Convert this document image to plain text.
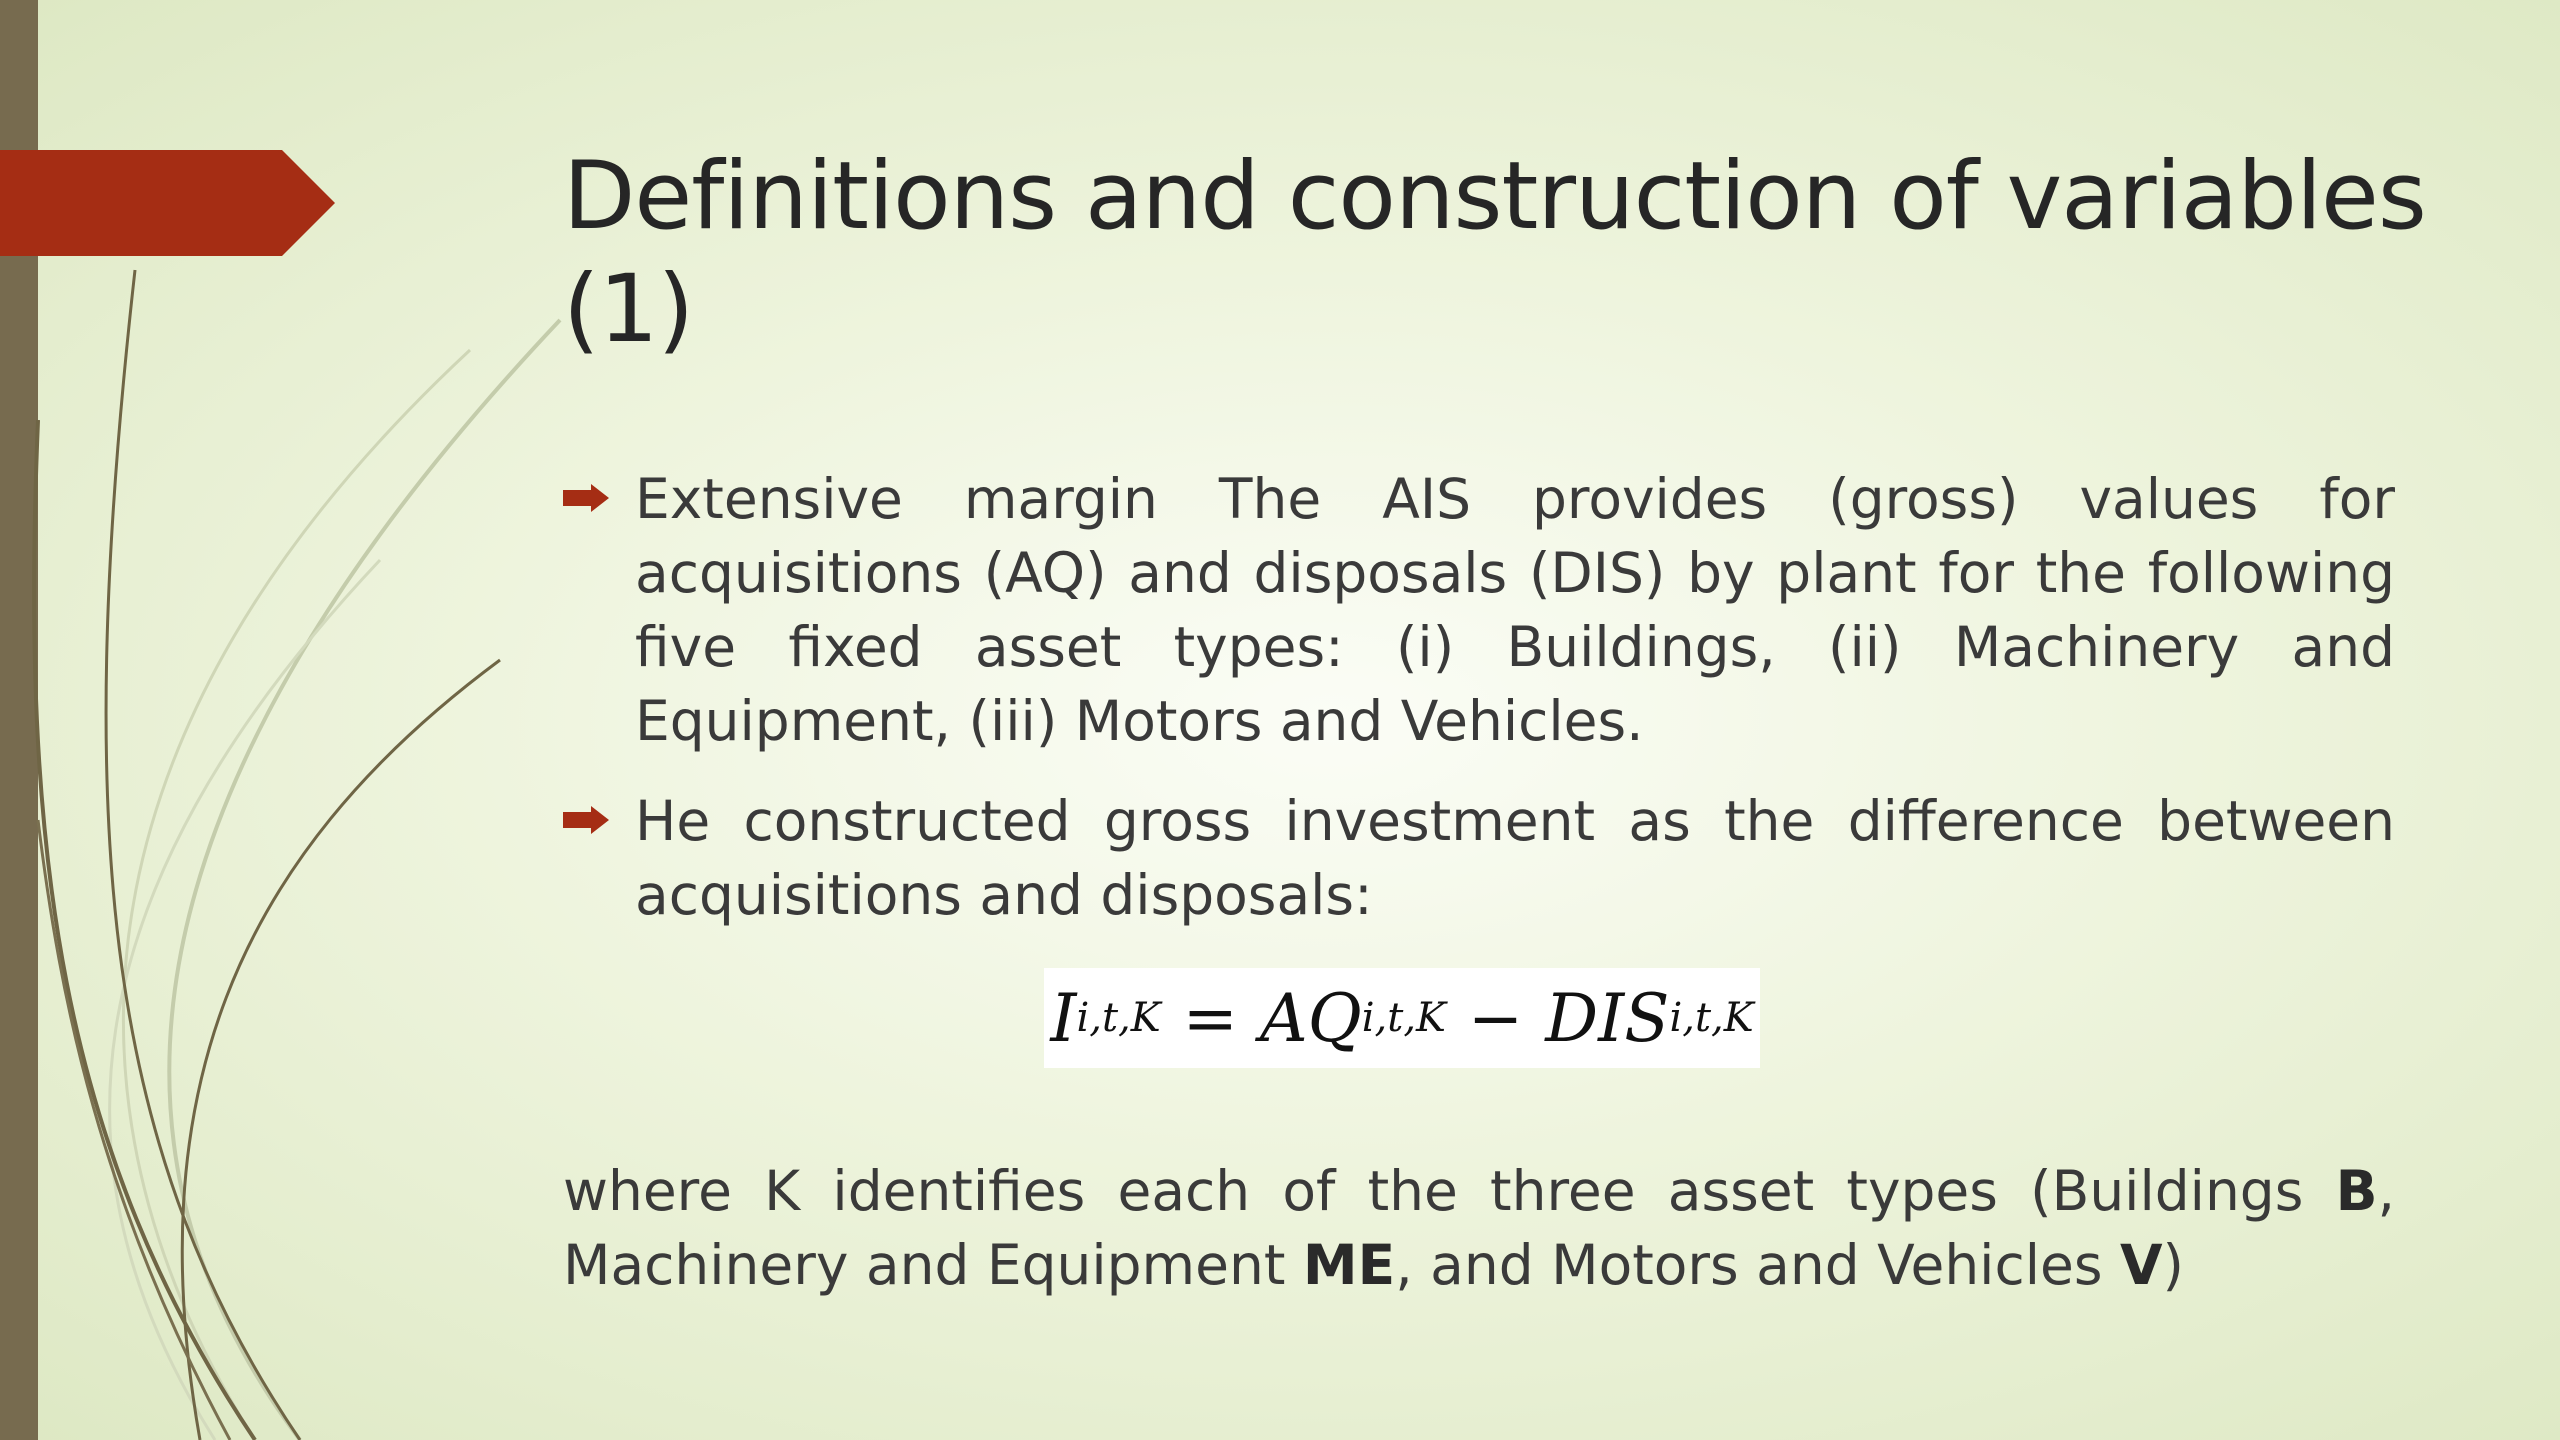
Definitions and construction of variables (1)
Extensive margin The AIS provides (gross) values for acquisitions (AQ) and disposals (DIS) by plant for the following five fixed asset types: (i) Buildings, (ii) Machinery and Equipment, (iii) Motors and Vehicles.
He constructed gross investment as the difference between acquisitions and disposals:
I i,t,K = AQ i,t,K − DIS i,t,K

where K identifies each of the three asset types (Buildings B, Machinery and Equipment ME, and Motors and Vehicles V)
